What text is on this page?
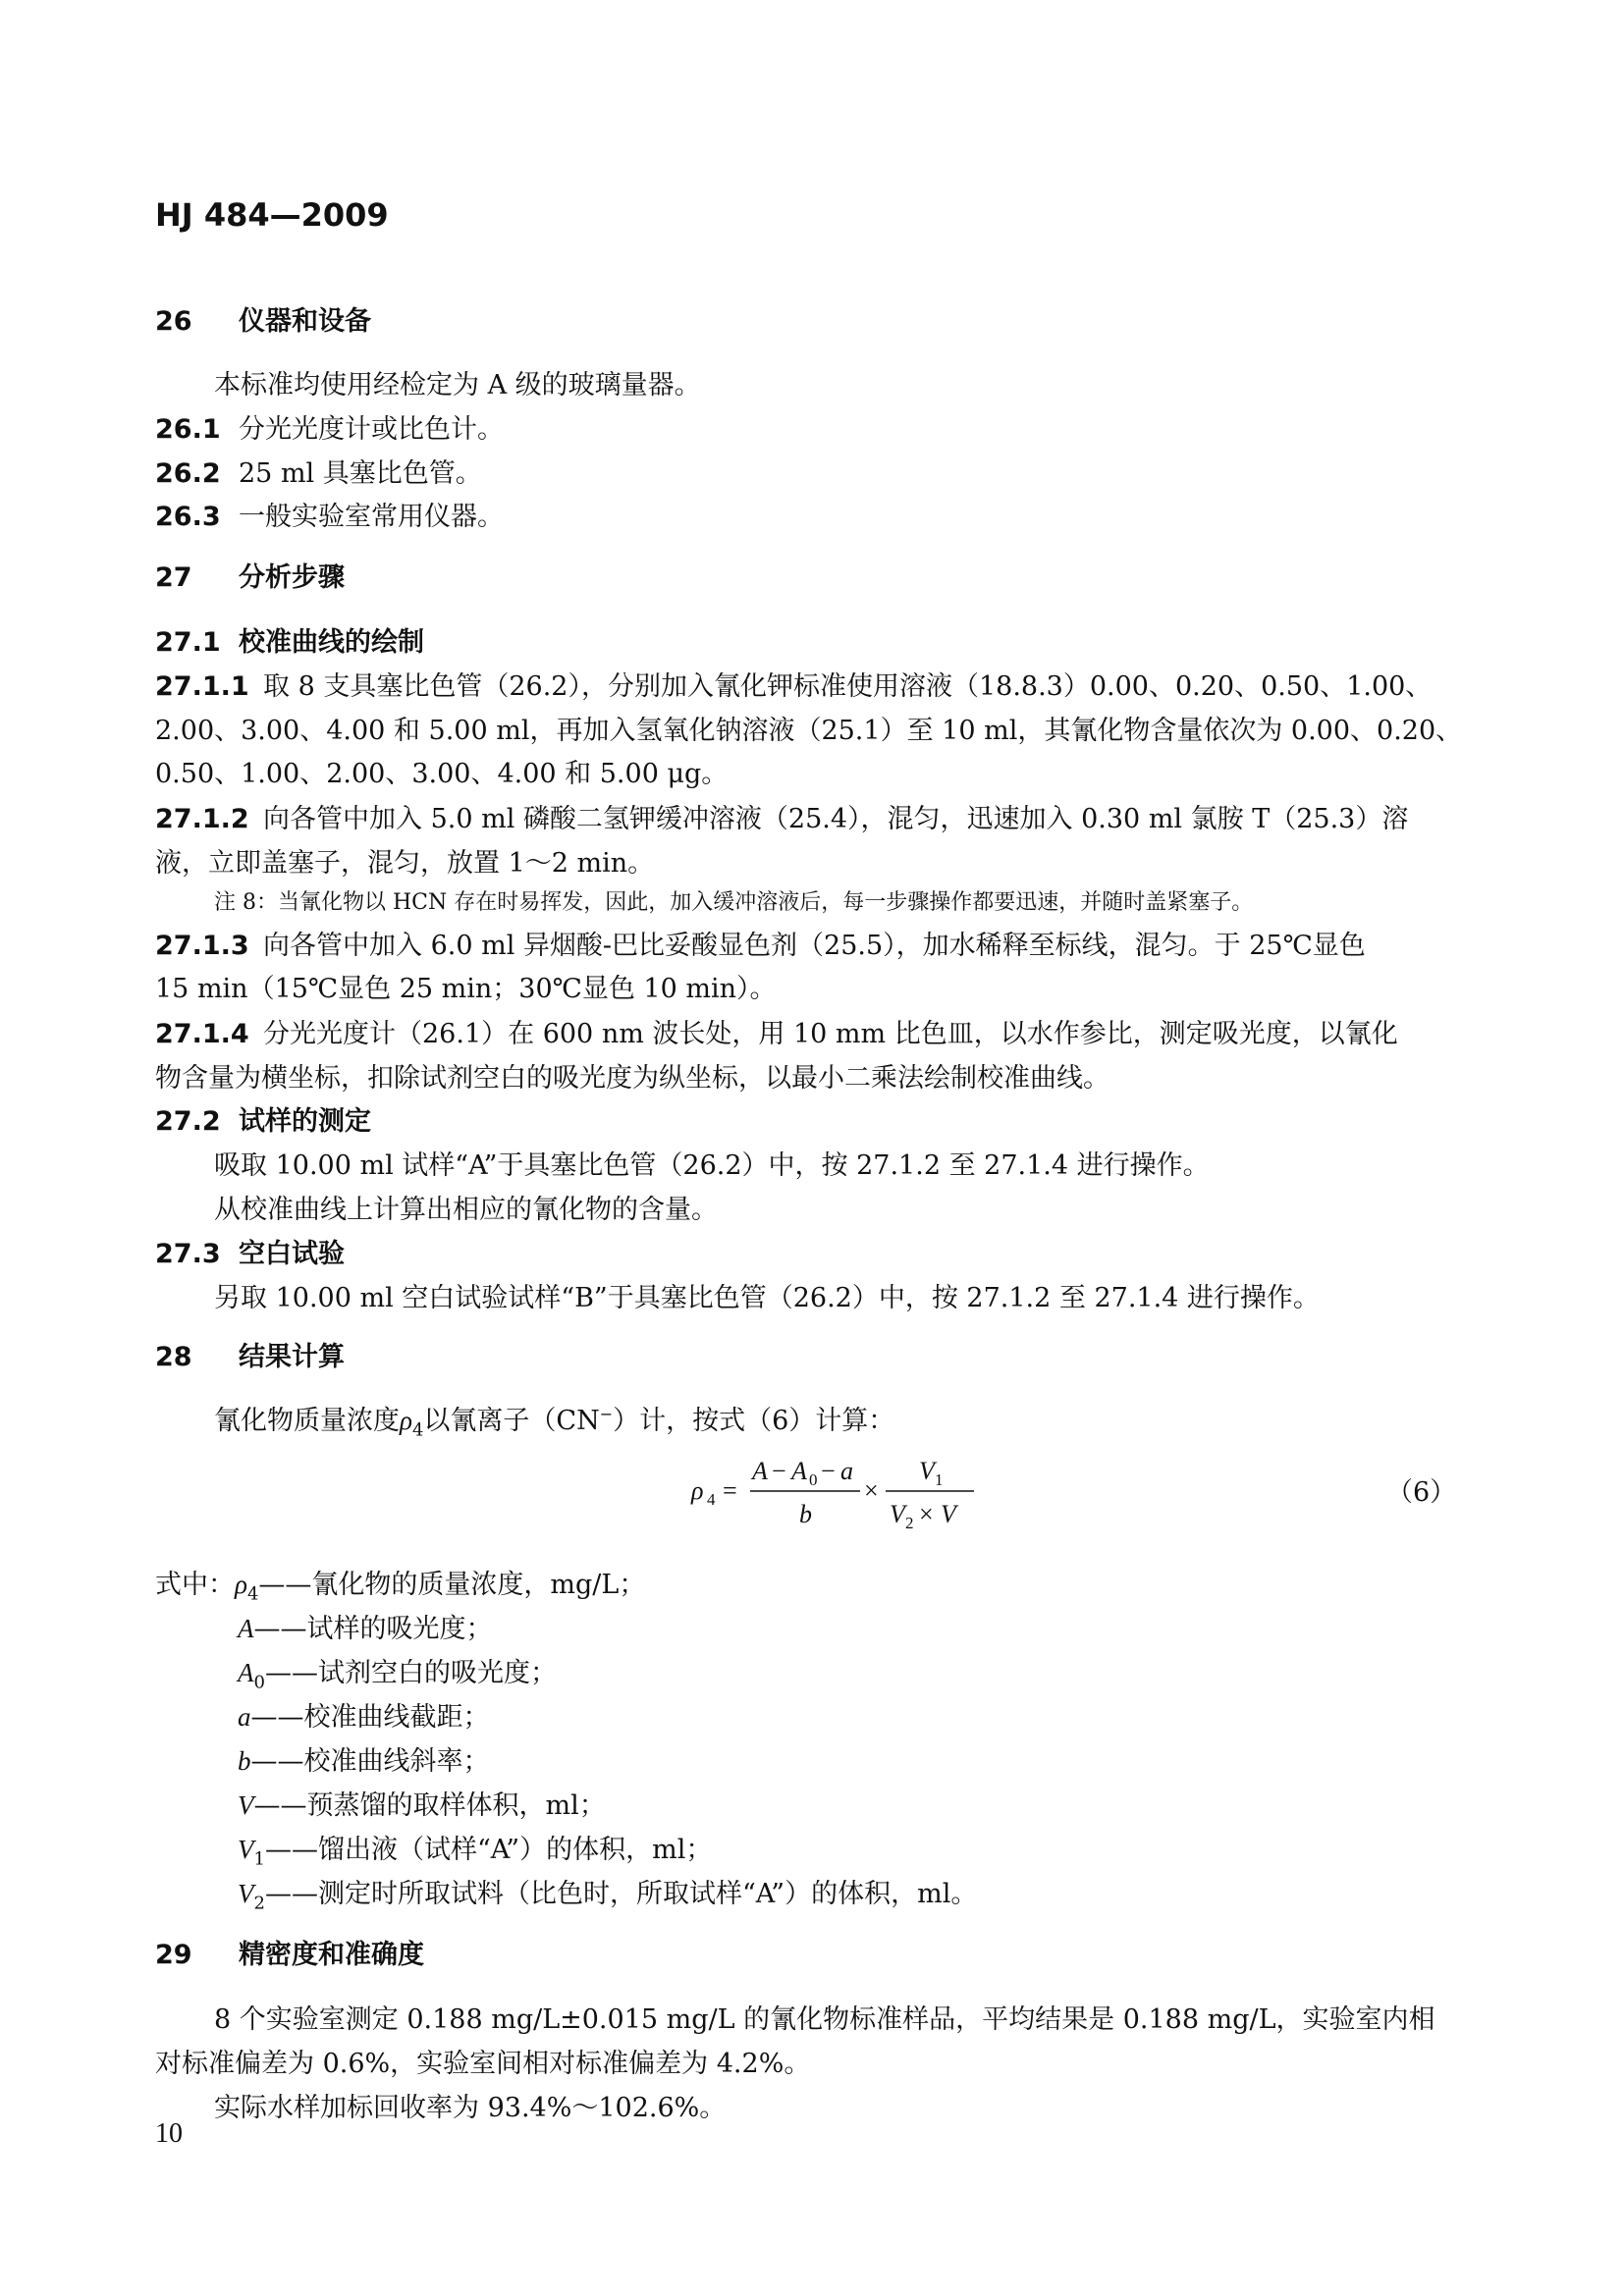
HJ 484—2009
26 仪器和设备
本标准均使用经检定为 A 级的玻璃量器。
26.1 分光光度计或比色计。
26.2 25 ml 具塞比色管。
26.3 一般实验室常用仪器。
27 分析步骤
27.1 校准曲线的绘制
27.1.1 取 8 支具塞比色管（26.2），分别加入氰化钾标准使用溶液（18.8.3）0.00、0.20、0.50、1.00、
2.00、3.00、4.00 和 5.00 ml，再加入氢氧化钠溶液（25.1）至 10 ml，其氰化物含量依次为 0.00、0.20、
0.50、1.00、2.00、3.00、4.00 和 5.00 μg。
27.1.2 向各管中加入 5.0 ml 磷酸二氢钾缓冲溶液（25.4），混匀，迅速加入 0.30 ml 氯胺 T（25.3）溶
液，立即盖塞子，混匀，放置 1～2 min。
注 8：当氰化物以 HCN 存在时易挥发，因此，加入缓冲溶液后，每一步骤操作都要迅速，并随时盖紧塞子。
27.1.3 向各管中加入 6.0 ml 异烟酸-巴比妥酸显色剂（25.5），加水稀释至标线，混匀。于 25℃显色
15 min（15℃显色 25 min；30℃显色 10 min）。
27.1.4 分光光度计（26.1）在 600 nm 波长处，用 10 mm 比色皿，以水作参比，测定吸光度，以氰化
物含量为横坐标，扣除试剂空白的吸光度为纵坐标，以最小二乘法绘制校准曲线。
27.2 试样的测定
吸取 10.00 ml 试样“A”于具塞比色管（26.2）中，按 27.1.2 至 27.1.4 进行操作。
从校准曲线上计算出相应的氰化物的含量。
27.3 空白试验
另取 10.00 ml 空白试验试样“B”于具塞比色管（26.2）中，按 27.1.2 至 27.1.4 进行操作。
28 结果计算
氰化物质量浓度$\rho_4$以氰离子（CN−）计，按式（6）计算：
ρ 4 =
A − A 0 − a
b
×
V 1
V 2 × V
（6）
式中：$\rho_4——$氰化物的质量浓度，mg/L；
A——试样的吸光度；
$A_0——$试剂空白的吸光度；
a——校准曲线截距；
b——校准曲线斜率；
V——预蒸馏的取样体积，ml；
$V_1——$馏出液（试样“A”）的体积，ml；
$V_2——$测定时所取试料（比色时，所取试样“A”）的体积，ml。
29 精密度和准确度
8 个实验室测定 0.188 mg/L±0.015 mg/L 的氰化物标准样品，平均结果是 0.188 mg/L，实验室内相
对标准偏差为 0.6%，实验室间相对标准偏差为 4.2%。
实际水样加标回收率为 93.4%～102.6%。
10
